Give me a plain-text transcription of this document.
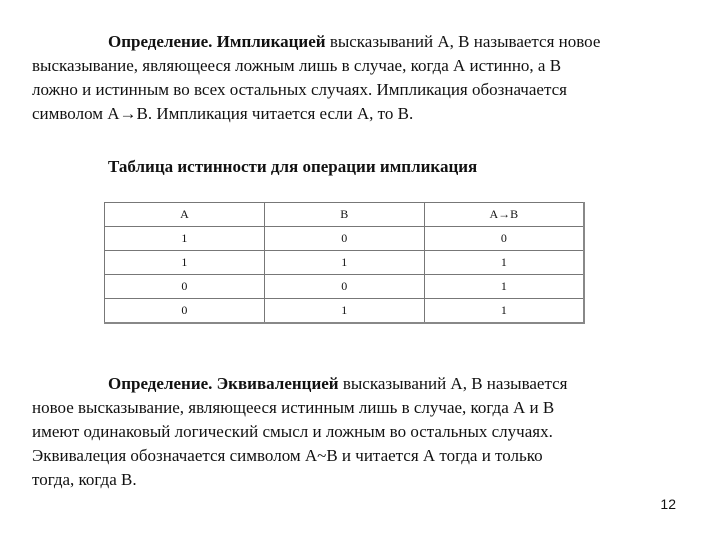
Определение. Импликацией высказываний А, В называется новое
высказывание, являющееся ложным лишь в случае, когда А истинно, а В
ложно и истинным во всех остальных случаях. Импликация обозначается
символом А→В. Импликация читается если А, то В.
Таблица истинности для операции импликация
А	В	А→В
1	0	0
1	1	1
0	0	1
0	1	1
Определение. Эквиваленцией высказываний А, В называется
новое высказывание, являющееся истинным лишь в случае, когда А и В
имеют одинаковый логический смысл и ложным во остальных случаях.
Эквивалеция обозначается символом А~В и читается А тогда и только
тогда, когда В.
12
